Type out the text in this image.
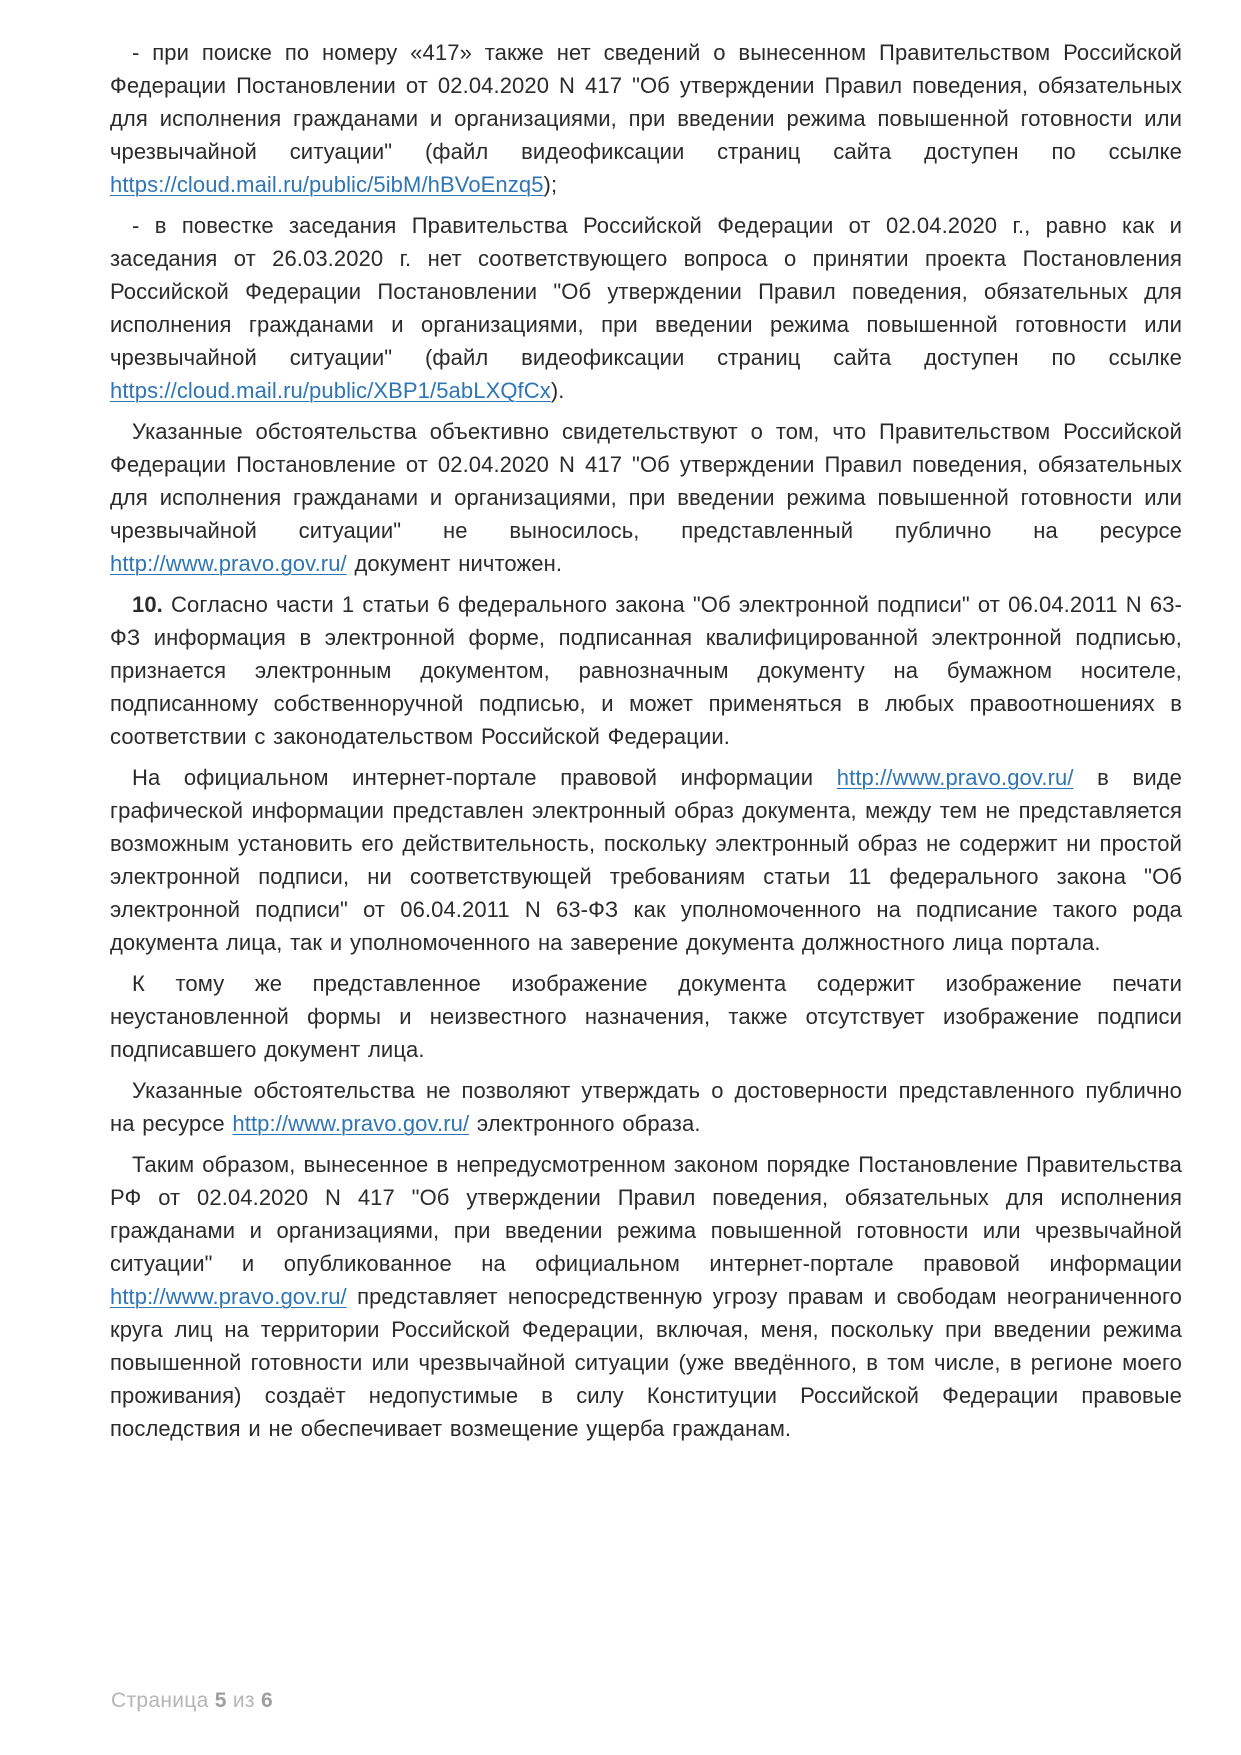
- при поиске по номеру «417» также нет сведений о вынесенном Правительством Российской Федерации Постановлении от 02.04.2020 N 417 "Об утверждении Правил поведения, обязательных для исполнения гражданами и организациями, при введении режима повышенной готовности или чрезвычайной ситуации" (файл видеофиксации страниц сайта доступен по ссылке https://cloud.mail.ru/public/5ibM/hBVoEnzq5);

- в повестке заседания Правительства Российской Федерации от 02.04.2020 г., равно как и заседания от 26.03.2020 г. нет соответствующего вопроса о принятии проекта Постановления Российской Федерации Постановлении "Об утверждении Правил поведения, обязательных для исполнения гражданами и организациями, при введении режима повышенной готовности или чрезвычайной ситуации" (файл видеофиксации страниц сайта доступен по ссылке https://cloud.mail.ru/public/XBP1/5abLXQfCx).

Указанные обстоятельства объективно свидетельствуют о том, что Правительством Российской Федерации Постановление от 02.04.2020 N 417 "Об утверждении Правил поведения, обязательных для исполнения гражданами и организациями, при введении режима повышенной готовности или чрезвычайной ситуации" не выносилось, представленный публично на ресурсе http://www.pravo.gov.ru/ документ ничтожен.

10. Согласно части 1 статьи 6 федерального закона "Об электронной подписи" от 06.04.2011 N 63-ФЗ информация в электронной форме, подписанная квалифицированной электронной подписью, признается электронным документом, равнозначным документу на бумажном носителе, подписанному собственноручной подписью, и может применяться в любых правоотношениях в соответствии с законодательством Российской Федерации.

На официальном интернет-портале правовой информации http://www.pravo.gov.ru/ в виде графической информации представлен электронный образ документа, между тем не представляется возможным установить его действительность, поскольку электронный образ не содержит ни простой электронной подписи, ни соответствующей требованиям статьи 11 федерального закона "Об электронной подписи" от 06.04.2011 N 63-ФЗ как уполномоченного на подписание такого рода документа лица, так и уполномоченного на заверение документа должностного лица портала.

К тому же представленное изображение документа содержит изображение печати неустановленной формы и неизвестного назначения, также отсутствует изображение подписи подписавшего документ лица.

Указанные обстоятельства не позволяют утверждать о достоверности представленного публично на ресурсе http://www.pravo.gov.ru/ электронного образа.

Таким образом, вынесенное в непредусмотренном законом порядке Постановление Правительства РФ от 02.04.2020 N 417 "Об утверждении Правил поведения, обязательных для исполнения гражданами и организациями, при введении режима повышенной готовности или чрезвычайной ситуации" и опубликованное на официальном интернет-портале правовой информации http://www.pravo.gov.ru/ представляет непосредственную угрозу правам и свободам неограниченного круга лиц на территории Российской Федерации, включая, меня, поскольку при введении режима повышенной готовности или чрезвычайной ситуации (уже введённого, в том числе, в регионе моего проживания) создаёт недопустимые в силу Конституции Российской Федерации правовые последствия и не обеспечивает возмещение ущерба гражданам.

Страница 5 из 6
